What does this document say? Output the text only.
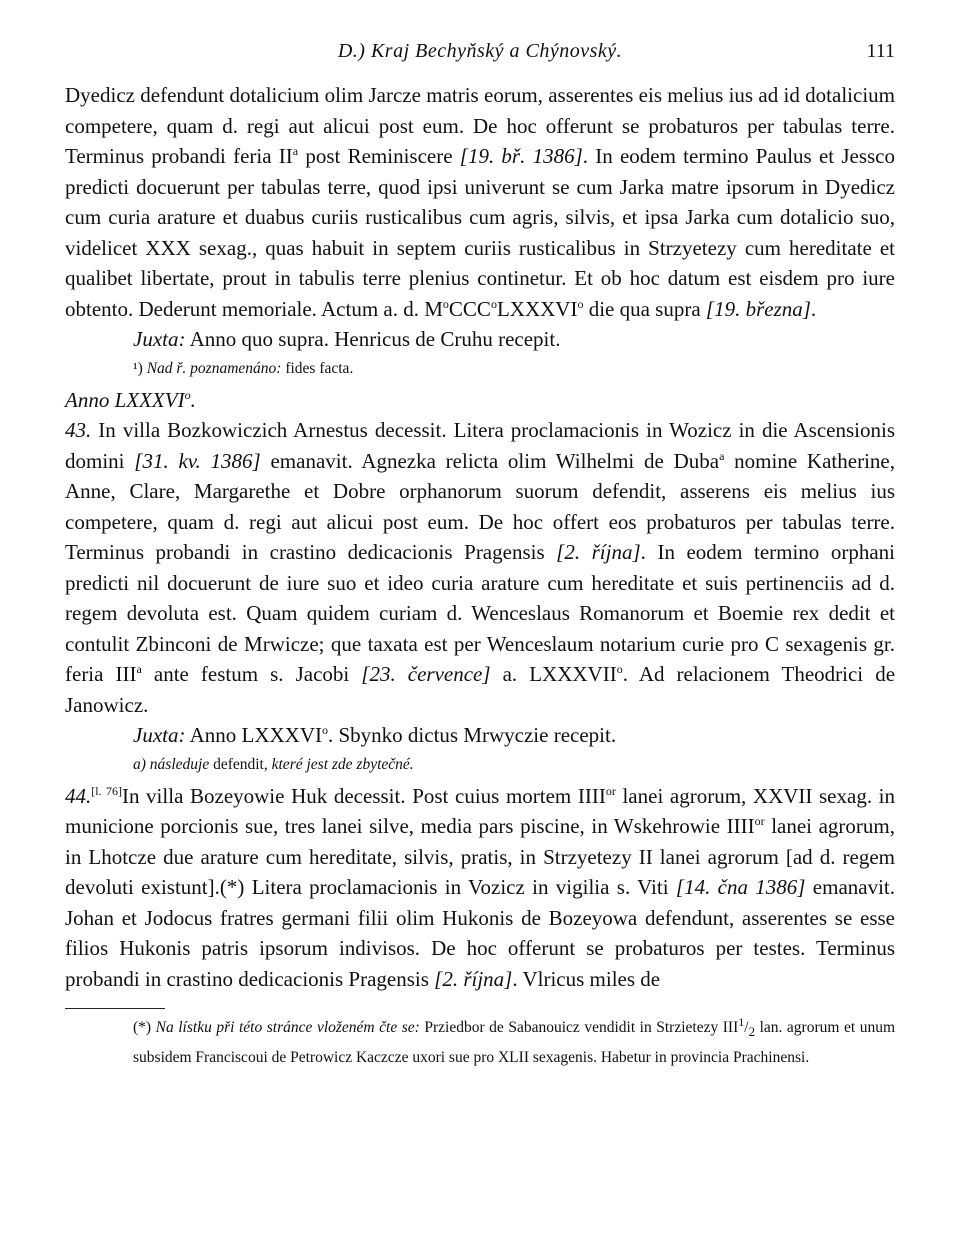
D.) Kraj Bechyňský a Chýnovský.	111

Dyedicz defendunt dotalicium olim Jarcze matris eorum, asserentes eis melius ius ad id dotalicium competere, quam d. regi aut alicui post eum. De hoc offerunt se probaturos per tabulas terre. Terminus probandi feria $II^a$ post Reminiscere [19. bř. 1386]. In eodem termino Paulus et Jessco predicti docuerunt per tabulas terre, quod ipsi univerunt se cum Jarka matre ipsorum in Dyedicz cum curia arature et duabus curiis rusticalibus cum agris, silvis, et ipsa Jarka cum dotalicio suo, videlicet XXX sexag., quas habuit in septem curiis rusticalibus in Strzyetezy cum hereditate et qualibet libertate, prout in tabulis terre plenius continetur. Et ob hoc datum est eisdem pro iure obtento. Dederunt memoriale. Actum a. d. $M^oCCC^oLXXXVI^o$ die qua supra [19. března].

Juxta: Anno quo supra. Henricus de Cruhu recepit.

¹) Nad ř. poznamenáno: fides facta.

Anno LXXXVI$^o$.

43. In villa Bozkowiczich Arnestus decessit. Litera proclamacionis in Wozicz in die Ascensionis domini [31. kv. 1386] emanavit. Agnezka relicta olim Wilhelmi de Duba$^a$ nomine Katherine, Anne, Clare, Margarethe et Dobre orphanorum suorum defendit, asserens eis melius ius competere, quam d. regi aut alicui post eum. De hoc offert eos probaturos per tabulas terre. Terminus probandi in crastino dedicacionis Pragensis [2. října]. In eodem termino orphani predicti nil docuerunt de iure suo et ideo curia arature cum hereditate et suis pertinenciis ad d. regem devoluta est. Quam quidem curiam d. Wenceslaus Romanorum et Boemie rex dedit et contulit Zbinconi de Mrwicze; que taxata est per Wenceslaum notarium curie pro C sexagenis gr. feria III$^a$ ante festum s. Jacobi [23. července] a. LXXXVII$^o$. Ad relacionem Theodrici de Janowicz.

Juxta: Anno LXXXVI$^o$. Sbynko dictus Mrwyczie recepit.

a) následuje defendit, které jest zde zbytečné.

44.[l. 76]In villa Bozeyowie Huk decessit. Post cuius mortem $IIII^{or}$ lanei agrorum, XXVII sexag. in municione porcionis sue, tres lanei silve, media pars piscine, in Wskehrowie $IIII^{or}$ lanei agrorum, in Lhotcze due arature cum hereditate, silvis, pratis, in Strzyetezy II lanei agrorum [ad d. regem devoluti existunt].(*) Litera proclamacionis in Vozicz in vigilia s. Viti [14. čna 1386] emanavit. Johan et Jodocus fratres germani filii olim Hukonis de Bozeyowa defendunt, asserentes se esse filios Hukonis patris ipsorum indivisos. De hoc offerunt se probaturos per testes. Terminus probandi in crastino dedicacionis Pragensis [2. října]. Vlricus miles de

(*) Na lístku při této stránce vloženém čte se: Prziedbor de Sabanouicz vendidit in Strzietezy $III^1/_2$ lan. agrorum et unum subsidem Franciscoui de Petrowicz Kaczcze uxori sue pro XLII sexagenis. Habetur in provincia Prachinensi.
